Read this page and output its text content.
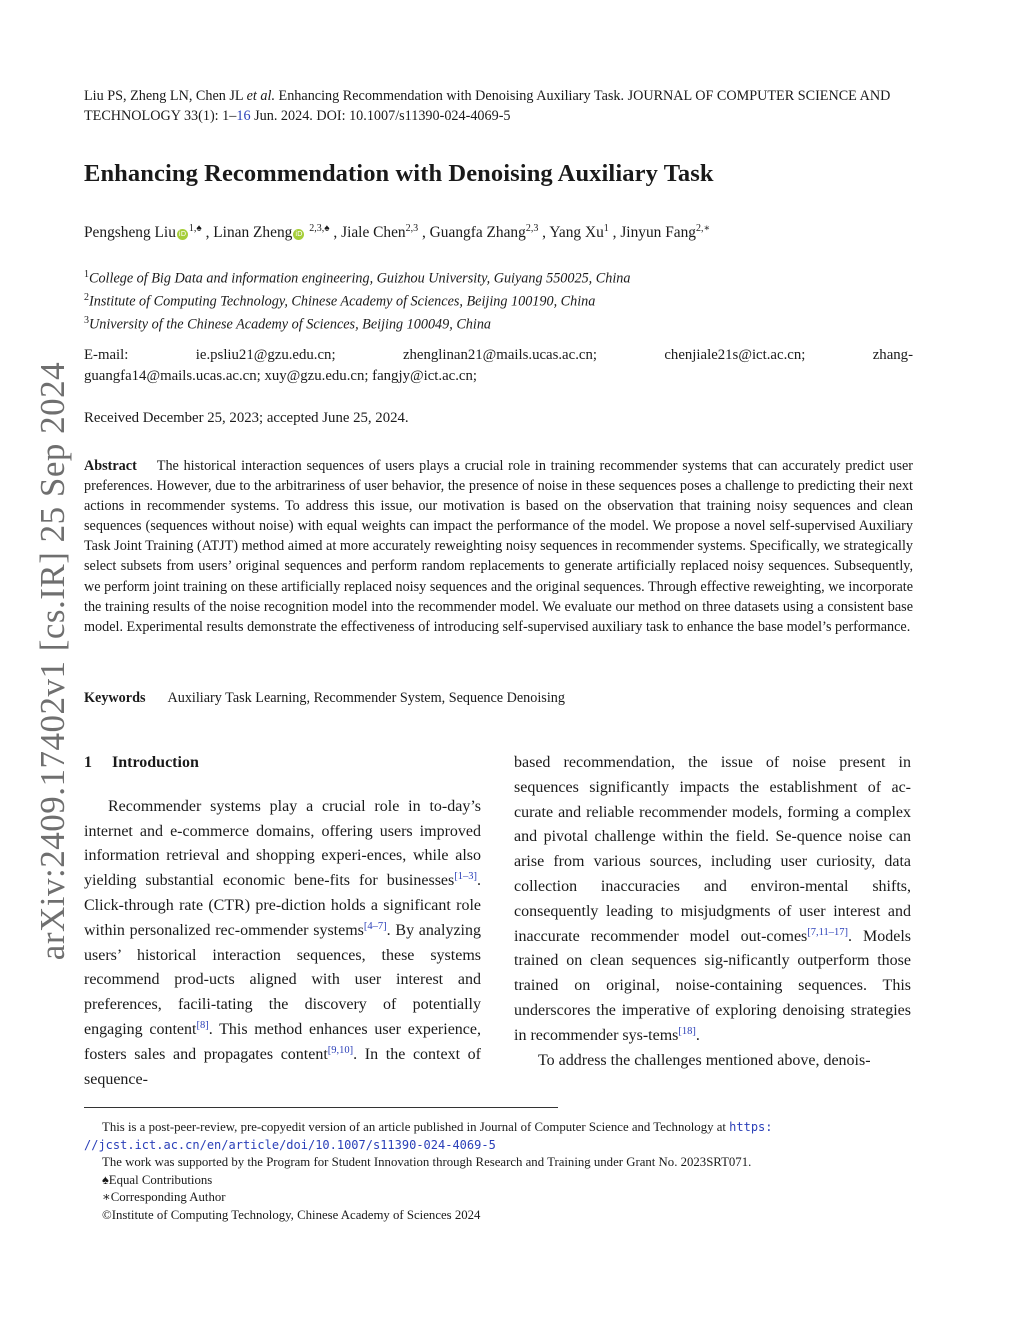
arXiv:2409.17402v1 [cs.IR] 25 Sep 2024
Liu PS, Zheng LN, Chen JL et al. Enhancing Recommendation with Denoising Auxiliary Task. JOURNAL OF COMPUTER SCIENCE AND TECHNOLOGY 33(1): 1–16 Jun. 2024. DOI: 10.1007/s11390-024-4069-5
Enhancing Recommendation with Denoising Auxiliary Task
Pengsheng Liu $iD^{1,♠}$ , Linan Zheng iD $^{2,3,♠}$ , Jiale Chen$^{2,3}$ , Guangfa Zhang$^{2,3}$ , Yang Xu$^1$ , Jinyun Fang$^{2,∗}$
$^1$College of Big Data and information engineering, Guizhou University, Guiyang 550025, China
$^2$Institute of Computing Technology, Chinese Academy of Sciences, Beijing 100190, China
$^3$University of the Chinese Academy of Sciences, Beijing 100049, China
E-mail:	ie.psliu21@gzu.edu.cn;	zhenglinan21@mails.ucas.ac.cn;	chenjiale21s@ict.ac.cn;	zhang-
guangfa14@mails.ucas.ac.cn; xuy@gzu.edu.cn; fangjy@ict.ac.cn;
Received December 25, 2023; accepted June 25, 2024.
Abstract The historical interaction sequences of users plays a crucial role in training recommender systems that can accurately predict user preferences. However, due to the arbitrariness of user behavior, the presence of noise in these sequences poses a challenge to predicting their next actions in recommender systems. To address this issue, our motivation is based on the observation that training noisy sequences and clean sequences (sequences without noise) with equal weights can impact the performance of the model. We propose a novel self-supervised Auxiliary Task Joint Training (ATJT) method aimed at more accurately reweighting noisy sequences in recommender systems. Specifically, we strategically select subsets from users’ original sequences and perform random replacements to generate artificially replaced noisy sequences. Subsequently, we perform joint training on these artificially replaced noisy sequences and the original sequences. Through effective reweighting, we incorporate the training results of the noise recognition model into the recommender model. We evaluate our method on three datasets using a consistent base model. Experimental results demonstrate the effectiveness of introducing self-supervised auxiliary task to enhance the base model’s performance.
Keywords Auxiliary Task Learning, Recommender System, Sequence Denoising
1 Introduction

Recommender systems play a crucial role in to-day’s internet and e-commerce domains, offering users improved information retrieval and shopping experi-ences, while also yielding substantial economic bene-fits for businesses[1–3]. Click-through rate (CTR) pre-diction holds a significant role within personalized rec-ommender systems[4–7]. By analyzing users’ historical interaction sequences, these systems recommend prod-ucts aligned with user interest and preferences, facili-tating the discovery of potentially engaging content[8]. This method enhances user experience, fosters sales and propagates content[9,10]. In the context of sequence-

based recommendation, the issue of noise present in sequences significantly impacts the establishment of ac-curate and reliable recommender models, forming a complex and pivotal challenge within the field. Se-quence noise can arise from various sources, including user curiosity, data collection inaccuracies and environ-mental shifts, consequently leading to misjudgments of user interest and inaccurate recommender model out-comes[7,11–17]. Models trained on clean sequences sig-nificantly outperform those trained on original, noise-containing sequences. This underscores the imperative of exploring denoising strategies in recommender sys-tems[18].

To address the challenges mentioned above, denois-

This is a post-peer-review, pre-copyedit version of an article published in Journal of Computer Science and Technology at https:
//jcst.ict.ac.cn/en/article/doi/10.1007/s11390-024-4069-5
The work was supported by the Program for Student Innovation through Research and Training under Grant No. 2023SRT071.
♠Equal Contributions
∗Corresponding Author
©Institute of Computing Technology, Chinese Academy of Sciences 2024
